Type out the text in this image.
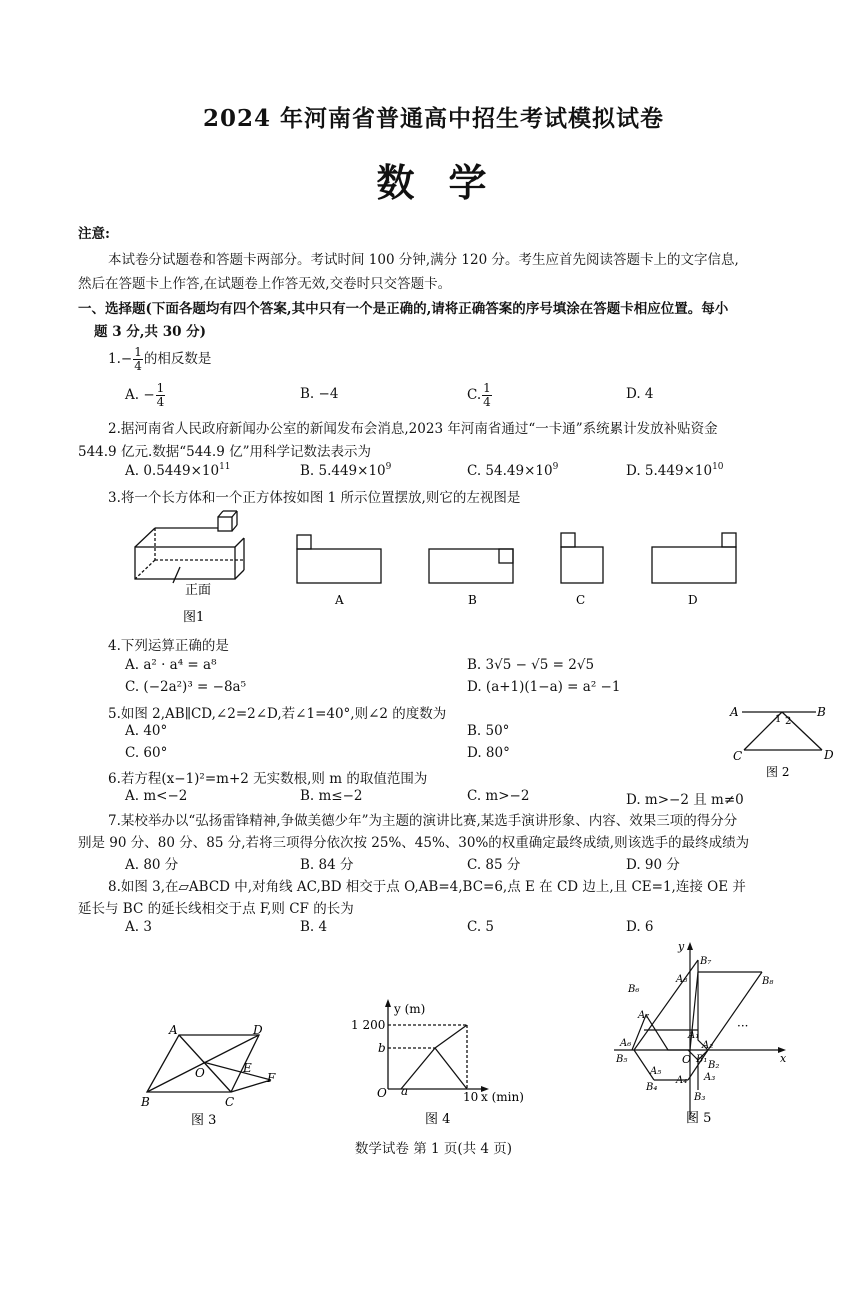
2024 年河南省普通高中招生考试模拟试卷
数学
注意:
本试卷分试题卷和答题卡两部分。考试时间 100 分钟,满分 120 分。考生应首先阅读答题卡上的文字信息,
然后在答题卡上作答,在试题卷上作答无效,交卷时只交答题卡。
一、选择题(下面各题均有四个答案,其中只有一个是正确的,请将正确答案的序号填涂在答题卡相应位置。每小
题 3 分,共 30 分)
$1.- \frac{1}{4}$ 的相反数是
A. − $\frac{1}{4}$	B. −4	C. $\frac{1}{4}$	D. 4
2.据河南省人民政府新闻办公室的新闻发布会消息,2023 年河南省通过“一卡通”系统累计发放补贴资金
544.9 亿元.数据“544.9 亿”用科学记数法表示为
A. $0.5449\times 10^{11}$	B. $5.449\times 10^9$	C. $54.49\times 10^9$	D. $5.449\times 10^{10}$
3.将一个长方体和一个正方体按如图 1 所示位置摆放,则它的左视图是
正面
图1
A	B	C	D
4.下列运算正确的是
A. a² · a⁴ = a⁸	B. 3√5 − √5 = 2√5
C. (−2a²)³ = −8a⁵	D. (a+1)(1−a) = a² −1
5.如图 2,AB∥CD,∠2=2∠D,若∠1=40°,则∠2 的度数为
A. 40°	B. 50°
C. 60°	D. 80°
A	B
C	D
1 2
图 2
6.若方程(x−1)²=m+2 无实数根,则 m 的取值范围为
A. m<−2	B. m≤−2	C. m>−2	D. m>−2 且 m≠0
7.某校举办以“弘扬雷锋精神,争做美德少年”为主题的演讲比赛,某选手演讲形象、内容、效果三项的得分分
别是 90 分、80 分、85 分,若将三项得分依次按 25%、45%、30%的权重确定最终成绩,则该选手的最终成绩为
A. 80 分	B. 84 分	C. 85 分	D. 90 分
8.如图 3,在▱ABCD 中,对角线 AC,BD 相交于点 O,AB=4,BC=6,点 E 在 CD 边上,且 CE=1,连接 OE 并
延长与 BC 的延长线相交于点 F,则 CF 的长为
A. 3	B. 4	C. 5	D. 6
A	D
B	C
O	E
F
图 3
y (m)
1 200
b
O a	10 x (min)
图 4
y
x
O
···
B₇
A₈	B₈
B₆
A₇
A₁
A₆	A₂
B₅	B₁
B₂
A₅
A₃
A₄
B₄
B₃
图 5
数学试卷 第 1 页(共 4 页)
